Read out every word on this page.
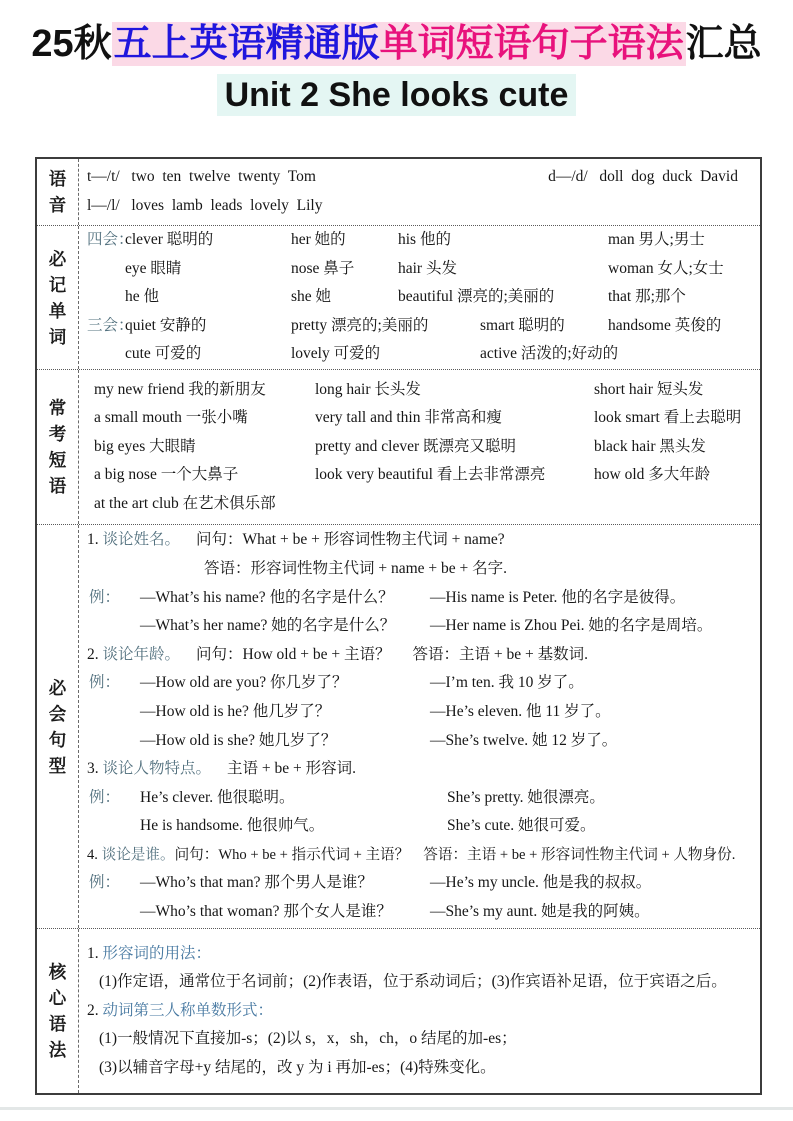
25秋五上英语精通版单词短语句子语法汇总
Unit 2 She looks cute
语
音
t—/t/   two  ten  twelve  twenty  Tom	d—/d/   doll  dog  duck  David
l—/l/   loves  lamb  leads  lovely  Lily
必
记
单
词
四会：clever 聪明的	her 她的	his 他的	man 男人;男士
eye 眼睛	nose 鼻子	hair 头发	woman 女人;女士
he 他	she 她	beautiful 漂亮的;美丽的	that 那;那个
三会：quiet 安静的	pretty 漂亮的;美丽的	smart 聪明的	handsome 英俊的
cute 可爱的	lovely 可爱的	active 活泼的;好动的
常
考
短
语
my new friend 我的新朋友	long hair 长头发	short hair 短头发
a small mouth 一张小嘴	very tall and thin 非常高和瘦	look smart 看上去聪明
big eyes 大眼睛	pretty and clever 既漂亮又聪明	black hair 黑头发
a big nose 一个大鼻子	look very beautiful 看上去非常漂亮	how old 多大年龄
at the art club 在艺术俱乐部
必
会
句
型
1. 谈论姓名。 问句：What + be + 形容词性物主代词 + name?
答语：形容词性物主代词 + name + be + 名字.
例： —What’s his name? 他的名字是什么？ —His name is Peter. 他的名字是彼得。
—What’s her name? 她的名字是什么？ —Her name is Zhou Pei. 她的名字是周培。
2. 谈论年龄。 问句：How old + be + 主语？ 答语：主语 + be + 基数词.
例： —How old are you? 你几岁了？	—I’m ten. 我 10 岁了。
—How old is he? 他几岁了？	—He’s eleven. 他 11 岁了。
—How old is she? 她几岁了？	—She’s twelve. 她 12 岁了。
3. 谈论人物特点。 主语 + be + 形容词.
例： He’s clever. 他很聪明。	She’s pretty. 她很漂亮。
He is handsome. 他很帅气。	She’s cute. 她很可爱。
4. 谈论是谁。问句：Who + be + 指示代词 + 主语？ 答语：主语 + be + 形容词性物主代词 + 人物身份.
例： —Who’s that man? 那个男人是谁？	—He’s my uncle. 他是我的叔叔。
—Who’s that woman? 那个女人是谁？ —She’s my aunt. 她是我的阿姨。
核
心
语
法
1. 形容词的用法：
(1)作定语，通常位于名词前；(2)作表语，位于系动词后；(3)作宾语补足语，位于宾语之后。
2. 动词第三人称单数形式：
(1)一般情况下直接加-s；(2)以 s，x，sh，ch，o 结尾的加-es；
(3)以辅音字母+y 结尾的，改 y 为 i 再加-es；(4)特殊变化。
